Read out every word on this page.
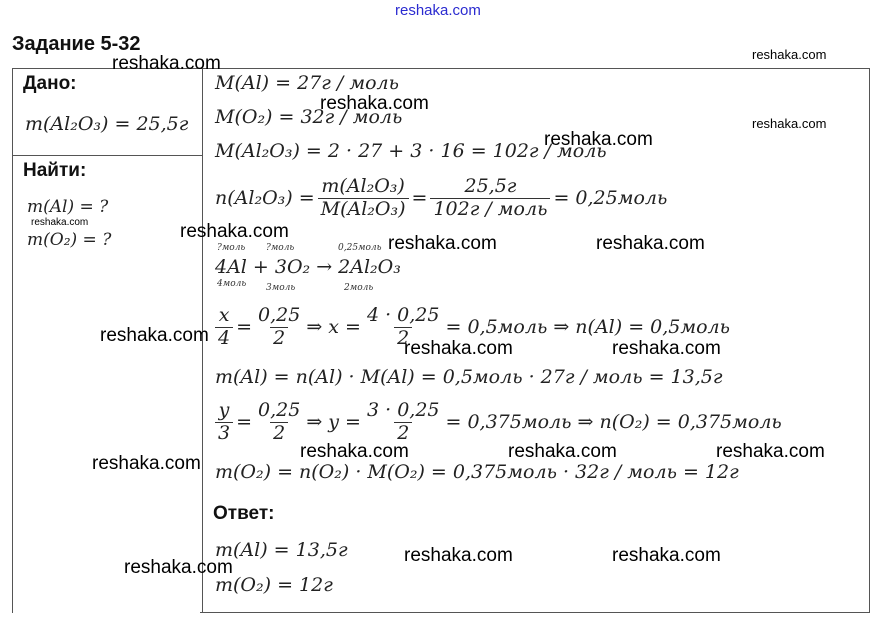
reshaka.com
Задание 5-32
Дано:
m(Al₂O₃) = 25,5г
Найти:
m(Al) = ?
m(O₂) = ?
M(Al) = 27г / моль
M(O₂) = 32г / моль
M(Al₂O₃) = 2 · 27 + 3 · 16 = 102г / моль
$n(Al_2O_3) = \frac{\text{m(Al₂O₃)}}{\text{M(Al₂O₃)}} = \frac{25,5г}{\text{102г / моль}}$ = 0,25моль
?моль ?моль	0,25моль
4Al + 3O₂ → 2Al₂O₃
4моль 3моль	2моль
$\frac{x}{4} = \frac{0,25}{2}$ ⇒ $x = \frac{4 \cdot 0,25}{2}$ = 0,5моль ⇒ n(Al) = 0,5моль
m(Al) = n(Al) · M(Al) = 0,5моль · 27г / моль = 13,5г
$\frac{y}{3} = \frac{0,25}{2}$ ⇒ $y = \frac{3 \cdot 0,25}{2}$ = 0,375моль ⇒ n(O₂) = 0,375моль
m(O₂) = n(O₂) · M(O₂) = 0,375моль · 32г / моль = 12г
Ответ:
m(Al) = 13,5г
m(O₂) = 12г
reshaka.com	reshaka.com
reshaka.com
reshaka.com
reshaka.com
reshaka.com	reshaka.com
reshaka.com	reshaka.com
reshaka.com
reshaka.com	reshaka.com
reshaka.com	reshaka.com	reshaka.com
reshaka.com
reshaka.com	reshaka.com
reshaka.com
